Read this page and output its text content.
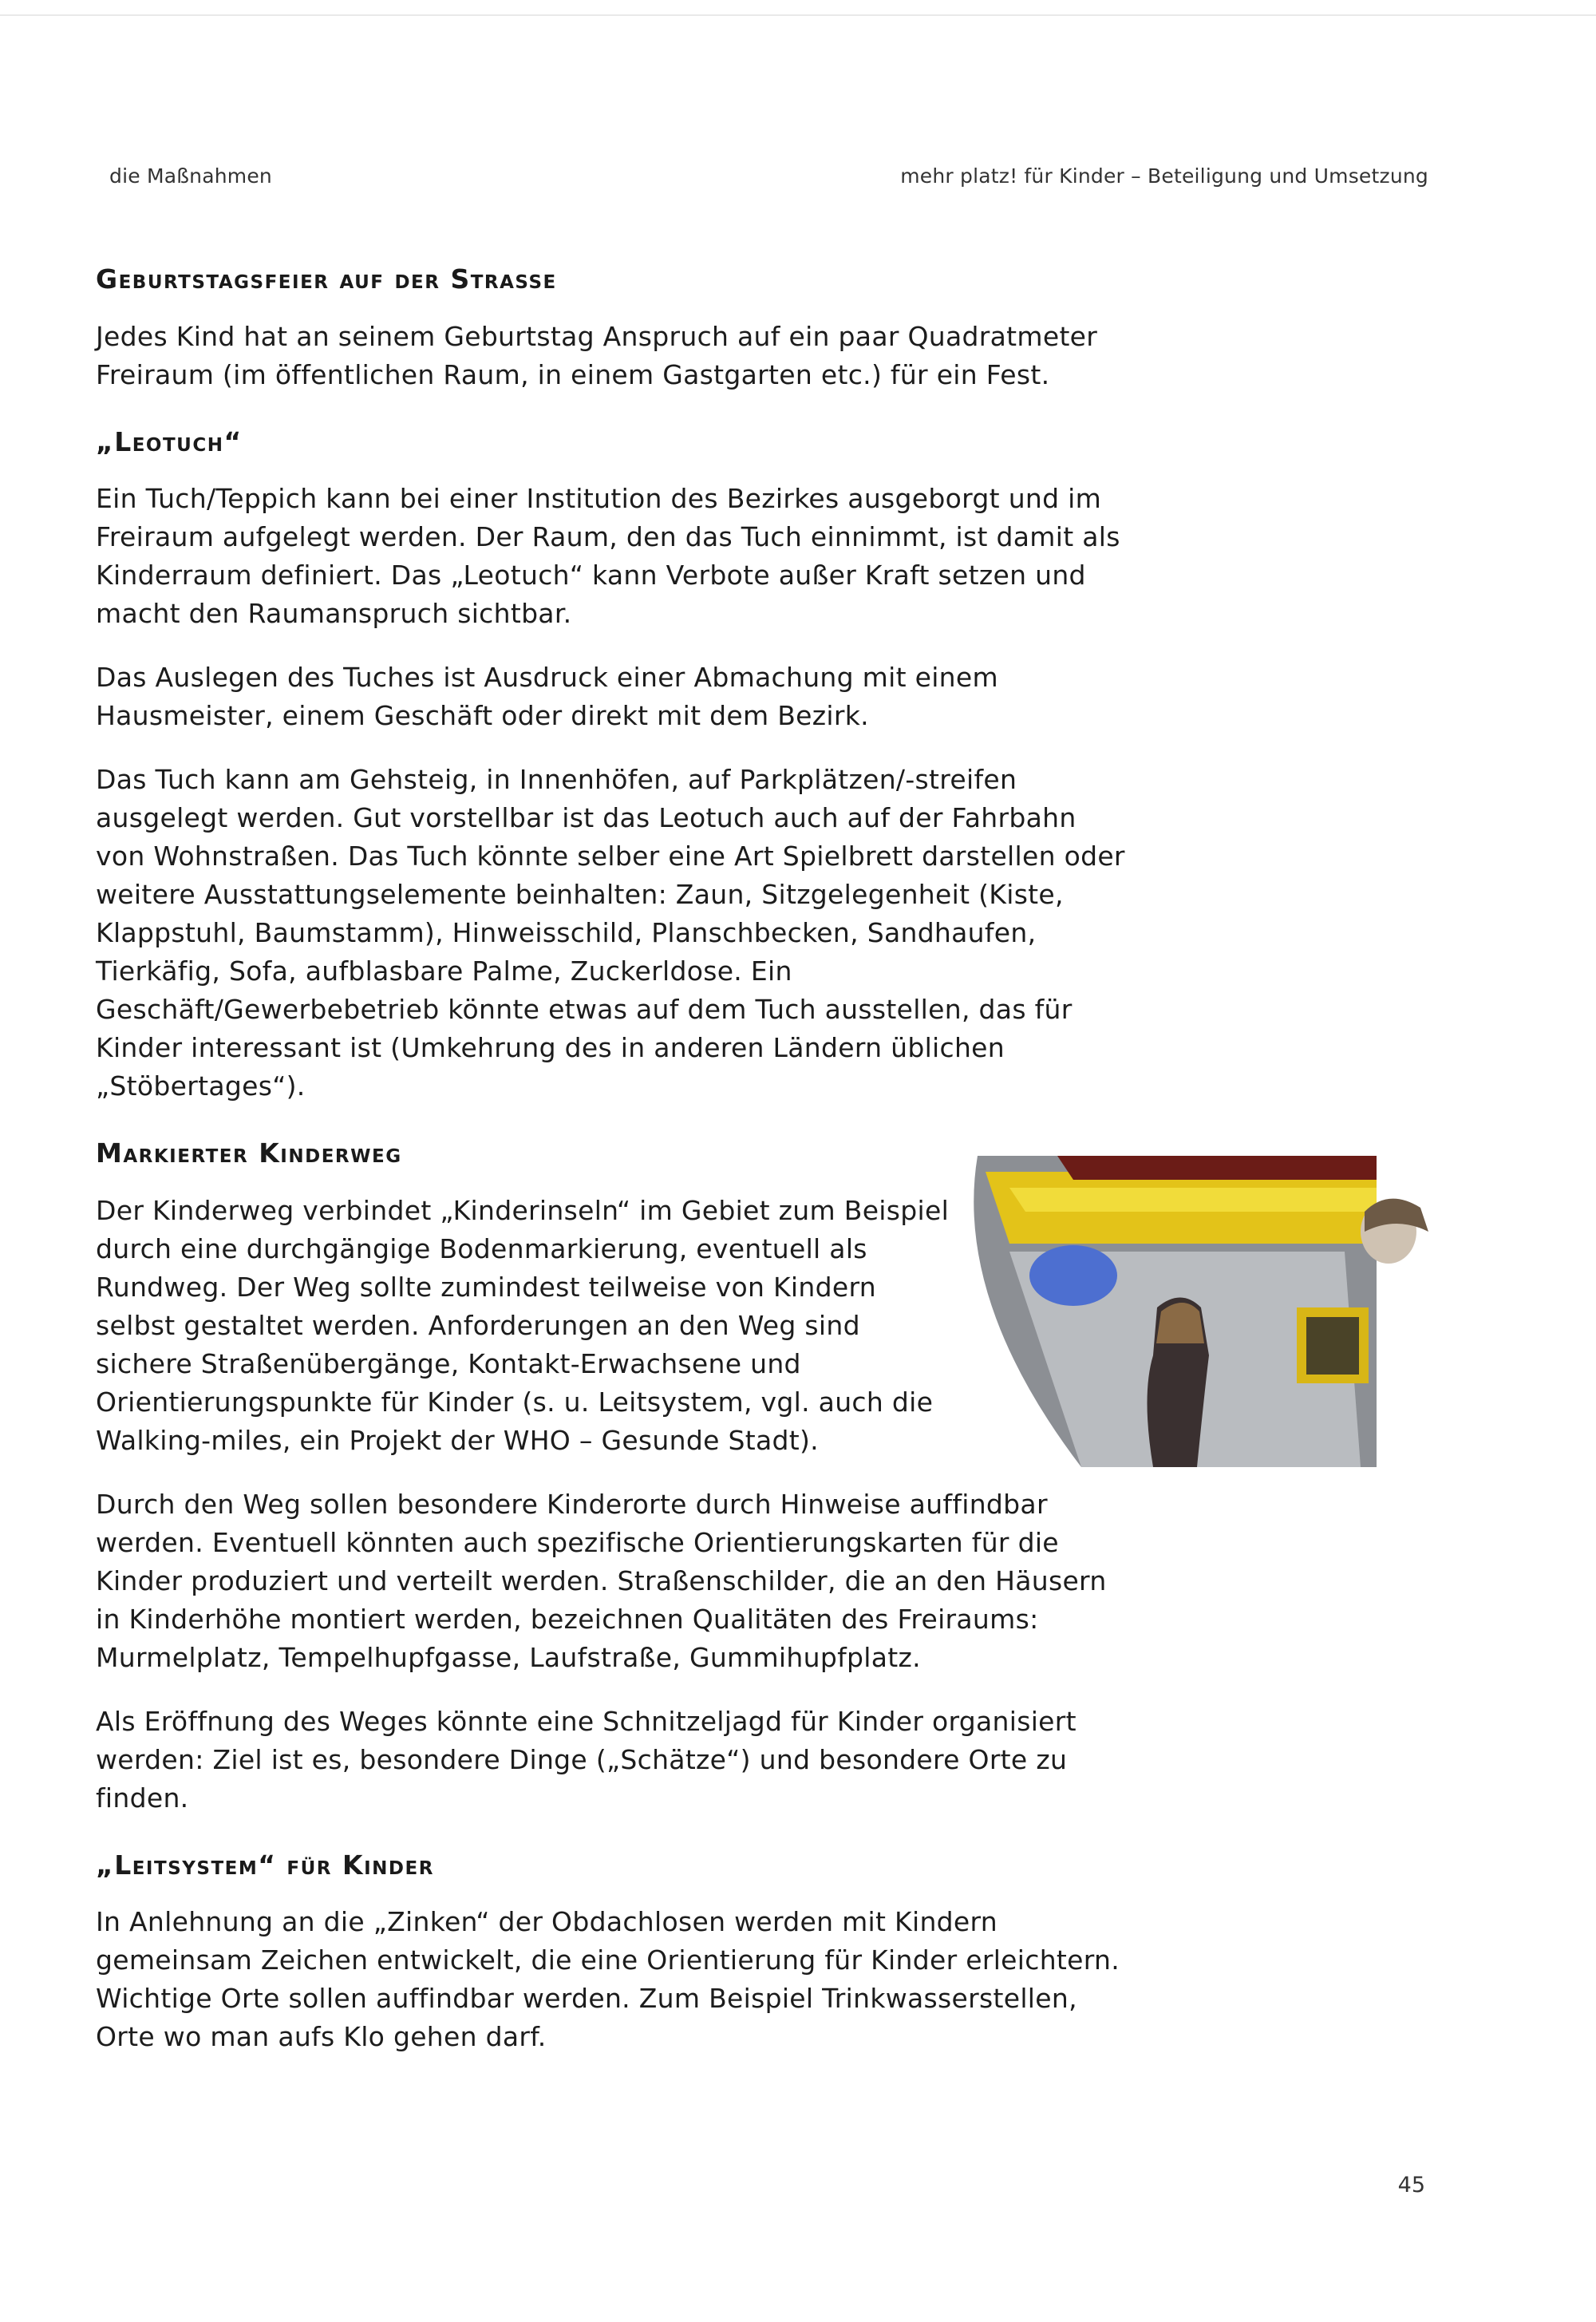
die Maßnahmen	mehr platz! für Kinder – Beteiligung und Umsetzung
Geburtstagsfeier auf der Strasse

Jedes Kind hat an seinem Geburtstag Anspruch auf ein paar Quadratmeter Freiraum (im öffentlichen Raum, in einem Gastgarten etc.) für ein Fest.

„Leotuch“

Ein Tuch/Teppich kann bei einer Institution des Bezirkes ausgeborgt und im Freiraum aufgelegt werden. Der Raum, den das Tuch einnimmt, ist damit als Kinderraum definiert. Das „Leotuch“ kann Verbote außer Kraft setzen und macht den Raumanspruch sichtbar.

Das Auslegen des Tuches ist Ausdruck einer Abmachung mit einem Hausmeister, einem Geschäft oder direkt mit dem Bezirk.

Das Tuch kann am Gehsteig, in Innenhöfen, auf Parkplätzen/-streifen ausgelegt werden. Gut vorstellbar ist das Leotuch auch auf der Fahrbahn von Wohnstraßen. Das Tuch könnte selber eine Art Spielbrett darstellen oder weitere Ausstattungselemente beinhalten: Zaun, Sitzgelegenheit (Kiste, Klappstuhl, Baumstamm), Hinweisschild, Planschbecken, Sandhaufen, Tierkäfig, Sofa, aufblasbare Palme, Zuckerldose. Ein Geschäft/Gewerbebetrieb könnte etwas auf dem Tuch ausstellen, das für Kinder interessant ist (Umkehrung des in anderen Ländern üblichen „Stöbertages“).

Markierter Kinderweg

Der Kinderweg verbindet „Kinderinseln“ im Gebiet zum Beispiel durch eine durchgängige Bodenmarkierung, eventuell als Rundweg. Der Weg sollte zumindest teilweise von Kindern selbst gestaltet werden. Anforderungen an den Weg sind sichere Straßenübergänge, Kontakt-Erwachsene und Orientierungspunkte für Kinder (s. u. Leitsystem, vgl. auch die Walking-miles, ein Projekt der WHO – Gesunde Stadt).

Durch den Weg sollen besondere Kinderorte durch Hinweise auffindbar werden. Eventuell könnten auch spezifische Orientierungskarten für die Kinder produziert und verteilt werden. Straßenschilder, die an den Häusern in Kinderhöhe montiert werden, bezeichnen Qualitäten des Freiraums: Murmelplatz, Tempelhupfgasse, Laufstraße, Gummihupfplatz.

Als Eröffnung des Weges könnte eine Schnitzeljagd für Kinder organisiert werden: Ziel ist es, besondere Dinge („Schätze“) und besondere Orte zu finden.

„Leitsystem“ für Kinder

In Anlehnung an die „Zinken“ der Obdachlosen werden mit Kindern gemeinsam Zeichen entwickelt, die eine Orientierung für Kinder erleichtern. Wichtige Orte sollen auffindbar werden. Zum Beispiel Trinkwasserstellen, Orte wo man aufs Klo gehen darf.

45
